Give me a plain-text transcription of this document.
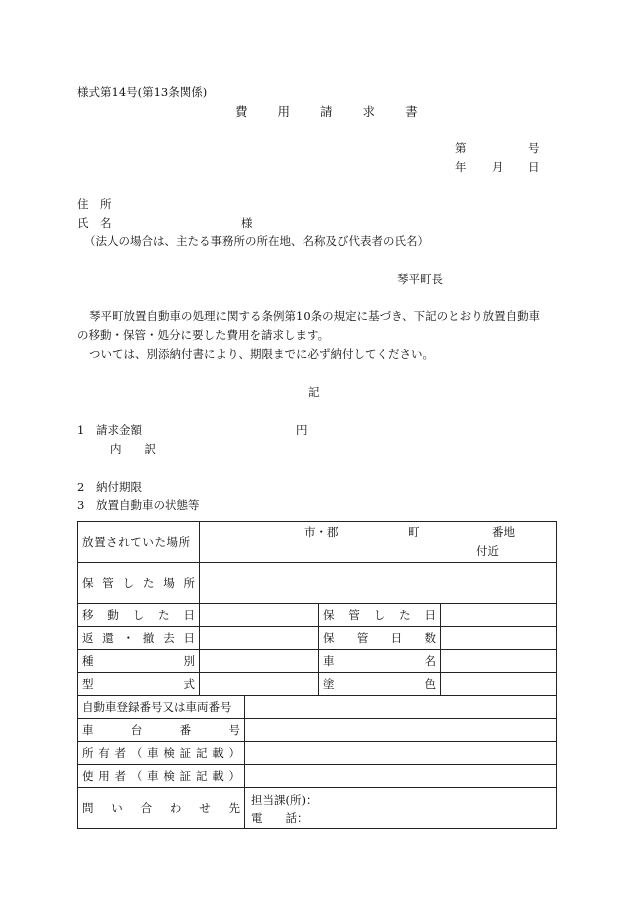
様式第14号(第13条関係)
費 用 請 求 書
第	号
年 月 日
住　所
氏　名	様
（法人の場合は、主たる事務所の所在地、名称及び代表者の氏名）
琴平町長
琴平町放置自動車の処理に関する条例第10条の規定に基づき、下記のとおり放置自動車
の移動・保管・処分に要した費用を請求します。
ついては、別添納付書により、期限までに必ず納付してください。
記
1 請求金額	円
内　　訳
2 納付期限
3 放置自動車の状態等
放置されていた場所	市・郡 町 番地
付近			

保管した場所				
移動した日			保管した日	
返還・撤去日			保管日数	
種別			車名	
型式			塗色	
自動車登録番号又は車両番号				
車台番号				
所有者（車検証記載）				
使用者（車検証記載）				
問い合わせ先		担当課(所)：
電　　話：		
